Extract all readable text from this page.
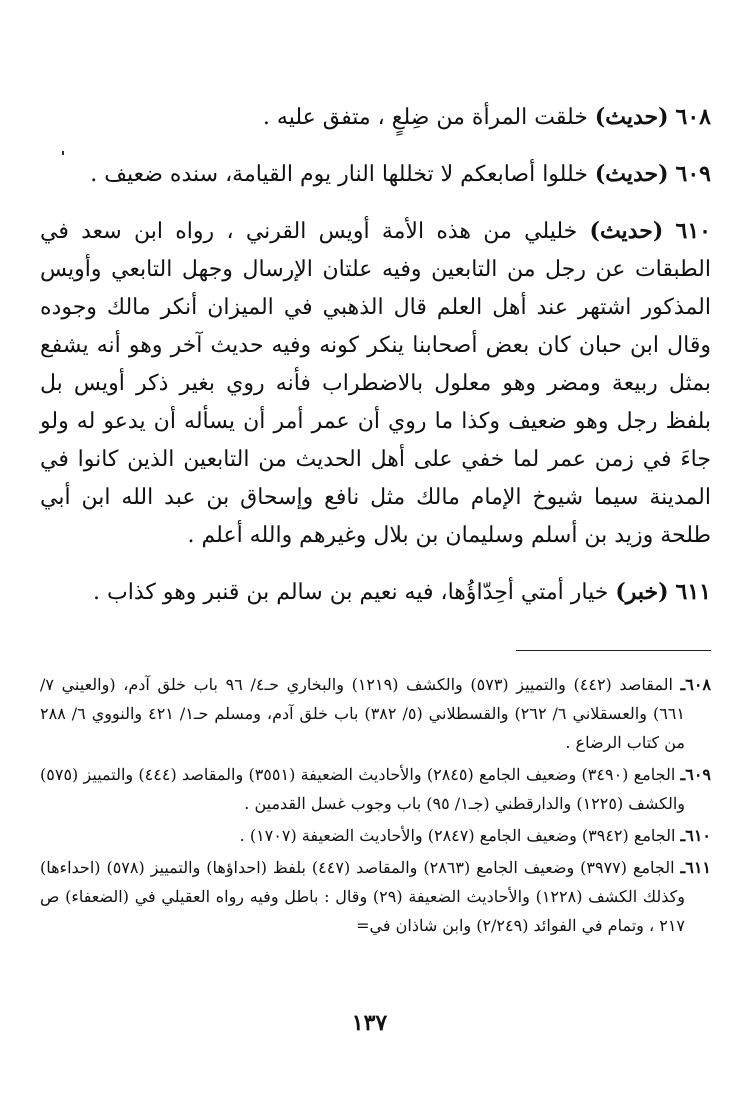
٦٠٨ (حديث) خلقت المرأة من ضِلعٍ ، متفق عليه .

٦٠٩ (حديث) خللوا أصابعكم لا تخللها النار يوم القيامة، سنده ضعيف .

٦١٠ (حديث) خليلي من هذه الأمة أويس القرني ، رواه ابن سعد في الطبقات عن رجل من التابعين وفيه علتان الإرسال وجهل التابعي وأويس المذكور اشتهر عند أهل العلم قال الذهبي في الميزان أنكر مالك وجوده وقال ابن حبان كان بعض أصحابنا ينكر كونه وفيه حديث آخر وهو أنه يشفع بمثل ربيعة ومضر وهو معلول بالاضطراب فأنه روي بغير ذكر أويس بل بلفظ رجل وهو ضعيف وكذا ما روي أن عمر أمر أن يسأله أن يدعو له ولو جاءَ في زمن عمر لما خفي على أهل الحديث من التابعين الذين كانوا في المدينة سيما شيوخ الإمام مالك مثل نافع وإسحاق بن عبد الله ابن أبي طلحة وزيد بن أسلم وسليمان بن بلال وغيرهم والله أعلم .

٦١١ (خبر) خيار أمتي أحِدّاؤُها، فيه نعيم بن سالم بن قنبر وهو كذاب .

٦٠٨ـ المقاصد (٤٤٢) والتمييز (٥٧٣) والكشف (١٢١٩) والبخاري حـ٤/ ٩٦ باب خلق آدم، (والعيني ٧/ ٦٦١) والعسقلاني ٦/ ٢٦٢) والقسطلاني (٥/ ٣٨٢) باب خلق آدم، ومسلم حـ١/ ٤٢١ والنووي ٦/ ٢٨٨ من كتاب الرضاع .

٦٠٩ـ الجامع (٣٤٩٠) وضعيف الجامع (٢٨٤٥) والأحاديث الضعيفة (٣٥٥١) والمقاصد (٤٤٤) والتمييز (٥٧٥) والكشف (١٢٢٥) والدارقطني (جـ١/ ٩٥) باب وجوب غسل القدمين .

٦١٠ـ الجامع (٣٩٤٢) وضعيف الجامع (٢٨٤٧) والأحاديث الضعيفة (١٧٠٧) .

٦١١ـ الجامع (٣٩٧٧) وضعيف الجامع (٢٨٦٣) والمقاصد (٤٤٧) بلفظ (احداؤها) والتمييز (٥٧٨) (احداءها) وكذلك الكشف (١٢٢٨) والأحاديث الضعيفة (٢٩) وقال : باطل وفيه رواه العقيلي في (الضعفاء) ص ٢١٧ ، وتمام في الفوائد (٢/٢٤٩) وابن شاذان في=

١٣٧
